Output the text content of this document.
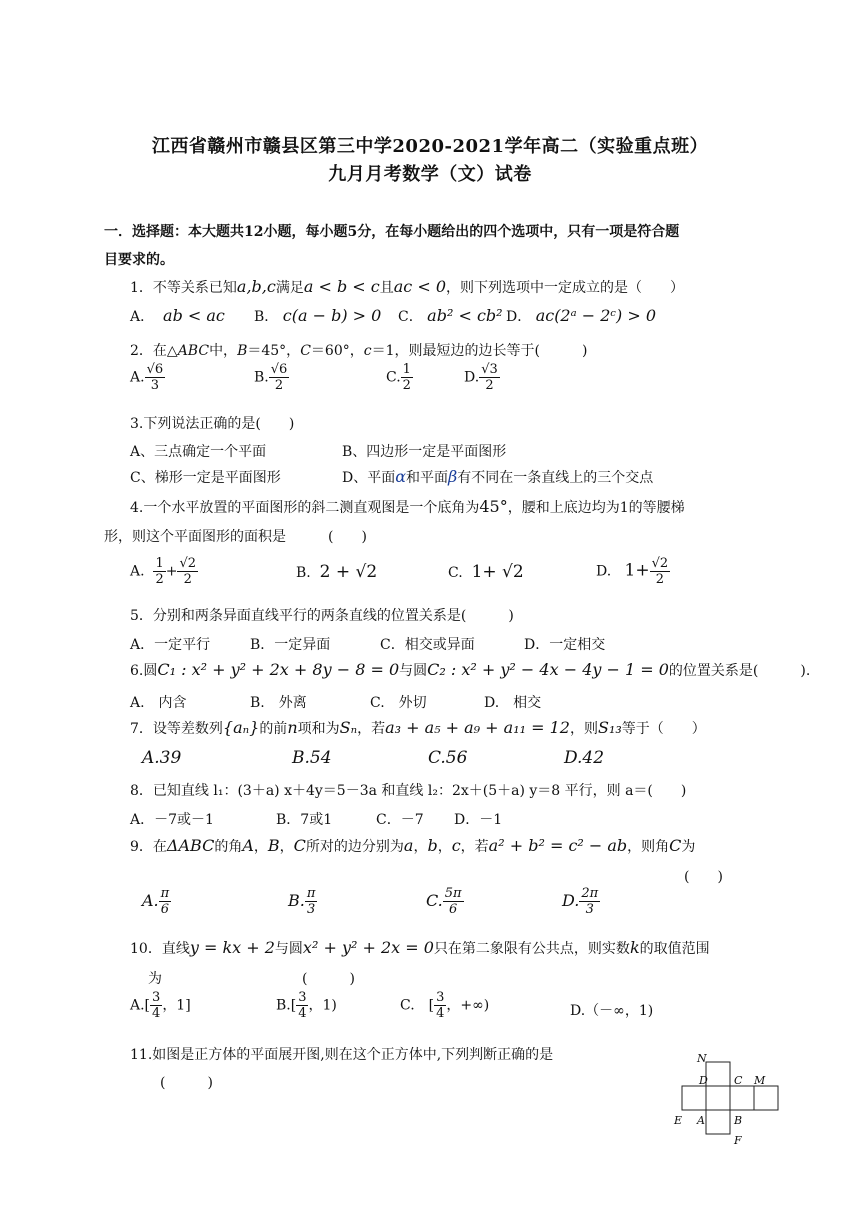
江西省赣州市赣县区第三中学2020-2021学年高二（实验重点班）
九月月考数学（文）试卷
一．选择题：本大题共12小题，每小题5分，在每小题给出的四个选项中，只有一项是符合题
目要求的。
1．不等关系已知a,b,c满足a < b < c且ac < 0，则下列选项中一定成立的是（　　）
A． ab < ac B． c(a − b) > 0 C． ab² < cb² D． ac(2ᵃ − 2ᶜ) > 0
2．在△ABC中，B＝45°，C＝60°，c＝1，则最短边的边长等于(　　　)
A. $\frac{√6}{3}$	B. $\frac{√6}{2}$	C. $\frac{1}{2}$	D. $\frac{√3}{2}$
3.下列说法正确的是(　　)
A、三点确定一个平面	B、四边形一定是平面图形
C、梯形一定是平面图形	D、平面α和平面β有不同在一条直线上的三个交点
4.一个水平放置的平面图形的斜二测直观图是一个底角为45°，腰和上底边均为1的等腰梯
形，则这个平面图形的面积是　　　(　　)
A. $\frac{1}{2} + \frac{√2}{2}$	B. 2 + √2	C. 1+ √2	D. $1+ \frac{√2}{2}$
5．分别和两条异面直线平行的两条直线的位置关系是(　　　)
A．一定平行	B．一定异面	C．相交或异面	D．一定相交
6.圆C₁ : x² + y² + 2x + 8y − 8 = 0与圆C₂ : x² + y² − 4x − 4y − 1 = 0的位置关系是(　　　).
A.　内含	B.　外离	C.　外切	D.　相交
7．设等差数列{aₙ}的前n项和为Sₙ，若a₃ + a₅ + a₉ + a₁₁ = 12，则S₁₃等于（　　）
A.39	B.54	C.56	D.42
8．已知直线 l₁：(3＋a) x＋4y＝5－3a 和直线 l₂：2x＋(5＋a) y＝8 平行，则 a＝(　　)
A．－7或－1	B．7或1	C．－7 D．－1
9．在ΔABC的角A，B，C所对的边分别为a，b，c，若a² + b² = c² − ab，则角C为
(　　)
A. $\frac{\pi}{6}$	B. $\frac{\pi}{3}$	C. $\frac{5\pi}{6}$	D. $\frac{2\pi}{3}$
10．直线y = kx + 2与圆x² + y² + 2x = 0只在第二象限有公共点，则实数k的取值范围
为　　　　　　　　　　(　　　)
$A.[ \frac{3}{4}$ ，1]	$B.[ \frac{3}{4}$ ，1)	C.　[ $\frac{3}{4}$ ，+∞)	D.（－∞，1)
11.如图是正方体的平面展开图,则在这个正方体中,下列判断正确的是
(　　　)
N
D C M
E A	B
F
